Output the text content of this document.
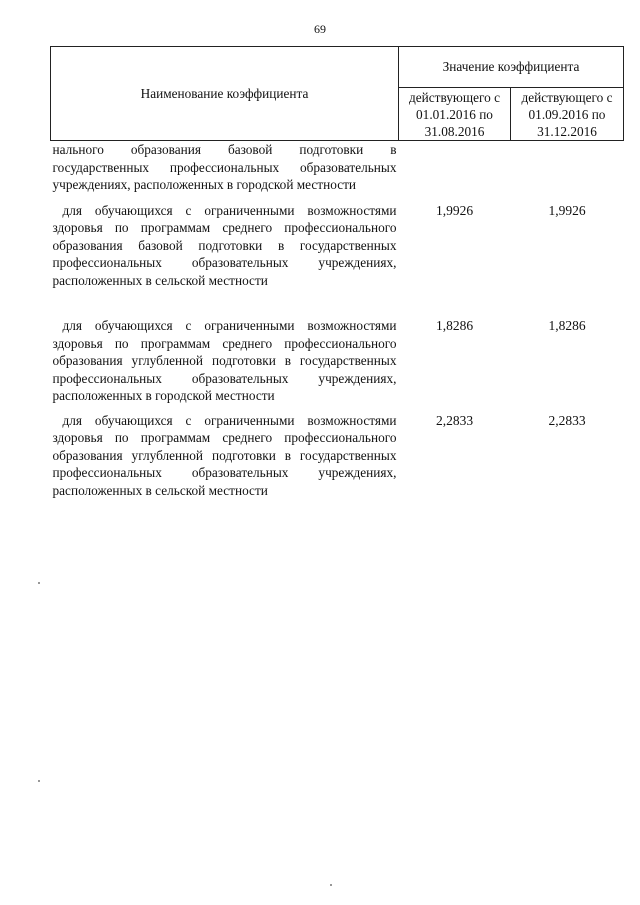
69
Наименование коэффициента	Значение коэффициента	
	действующего с 01.01.2016 по 31.08.2016	действующего с 01.09.2016 по 31.12.2016

нального образования базовой подготовки в государственных профессиональных образовательных учреждениях, расположенных в городской местности		

для обучающихся с ограниченными возможностями здоровья по программам среднего профессионального образования базовой подготовки в государственных профессиональных образовательных учреждениях, расположенных в сельской местности	1,9926	1,9926

для обучающихся с ограниченными возможностями здоровья по программам среднего профессионального образования углубленной подготовки в государственных профессиональных образовательных учреждениях, расположенных в городской местности	1,8286	1,8286

для обучающихся с ограниченными возможностями здоровья по программам среднего профессионального образования углубленной подготовки в государственных профессиональных образовательных учреждениях, расположенных в сельской местности	2,2833	2,2833
